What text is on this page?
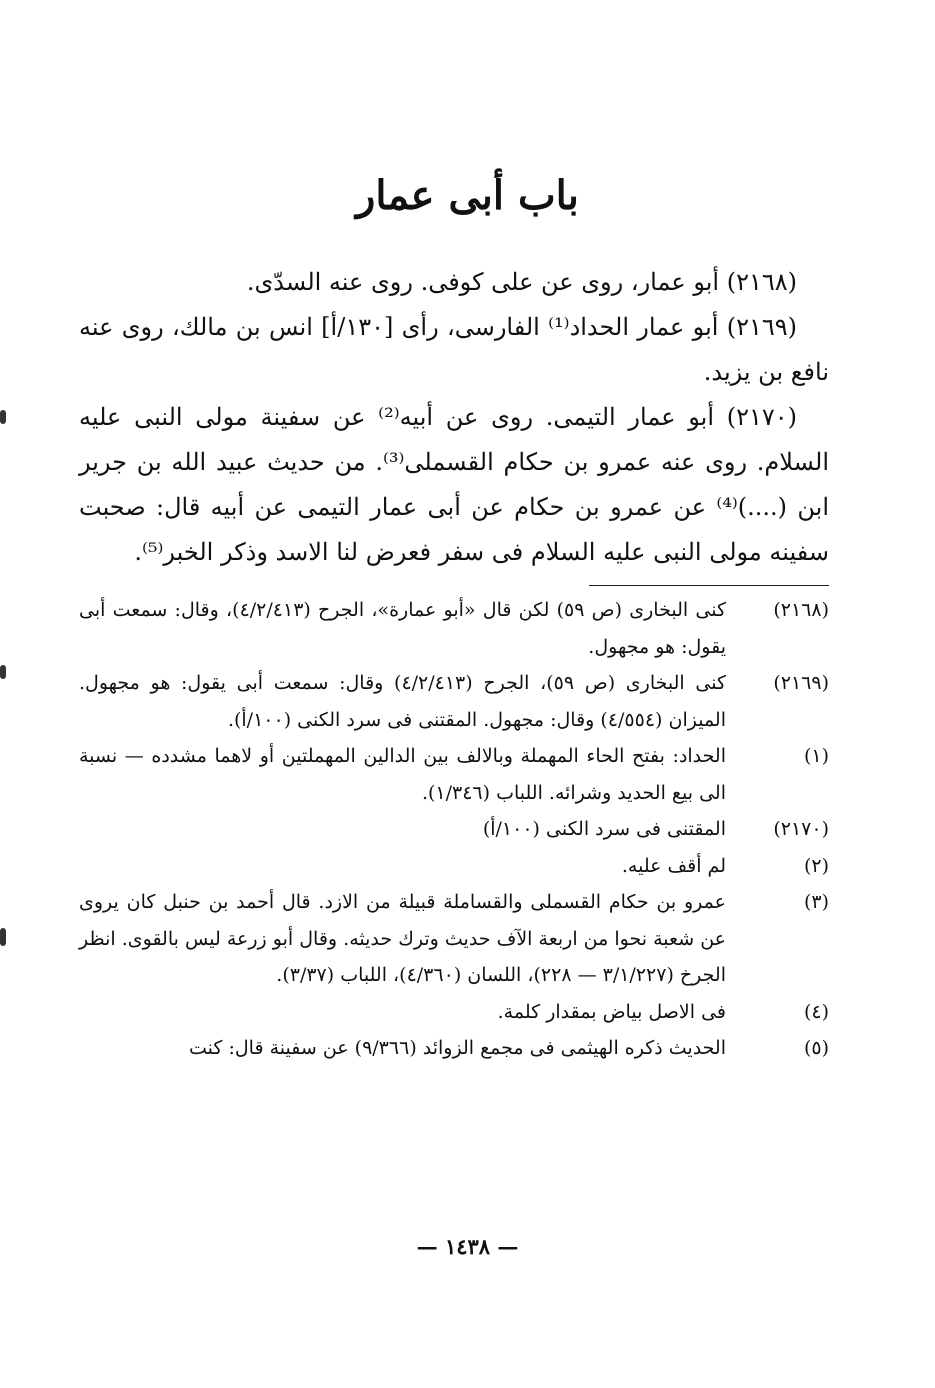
باب أبى عمار

(٢١٦٨) أبو عمار، روى عن على كوفى. روى عنه السدّى.

(٢١٦٩) أبو عمار الحداد⁽¹⁾ الفارسى، رأى [١٣٠/أ] انس بن مالك، روى عنه نافع بن يزيد.

(٢١٧٠) أبو عمار التيمى. روى عن أبيه⁽²⁾ عن سفينة مولى النبى عليه السلام. روى عنه عمرو بن حكام القسملى⁽³⁾. من حديث عبيد الله بن جرير ابن (....)⁽⁴⁾ عن عمرو بن حكام عن أبى عمار التيمى عن أبيه قال: صحبت سفينه مولى النبى عليه السلام فى سفر فعرض لنا الاسد وذكر الخبر⁽⁵⁾.

(٢١٦٨)
كنى البخارى (ص ٥٩) لكن قال «أبو عمارة»، الجرح (٤/٢/٤١٣)، وقال: سمعت أبى يقول: هو مجهول.
(٢١٦٩)
كنى البخارى (ص ٥٩)، الجرح (٤/٢/٤١٣) وقال: سمعت أبى يقول: هو مجهول. الميزان (٤/٥٥٤) وقال: مجهول. المقتنى فى سرد الكنى (١٠٠/أ).
(١)
الحداد: بفتح الحاء المهملة وبالالف بين الدالين المهملتين أو لاهما مشدده — نسبة الى بيع الحديد وشرائه. اللباب (١/٣٤٦).
(٢١٧٠)
المقتنى فى سرد الكنى (١٠٠/أ)
(٢)
لم أقف عليه.
(٣)
عمرو بن حكام القسملى والقساملة قبيلة من الازد. قال أحمد بن حنبل كان يروى عن شعبة نحوا من اربعة الآف حديث وترك حديثه. وقال أبو زرعة ليس بالقوى. انظر الجرخ (٣/١/٢٢٧ — ٢٢٨)، اللسان (٤/٣٦٠)، اللباب (٣/٣٧).
(٤)
فى الاصل بياض بمقدار كلمة.
(٥)
الحديث ذكره الهيثمى فى مجمع الزوائد (٩/٣٦٦) عن سفينة قال: كنت
— ١٤٣٨ —
